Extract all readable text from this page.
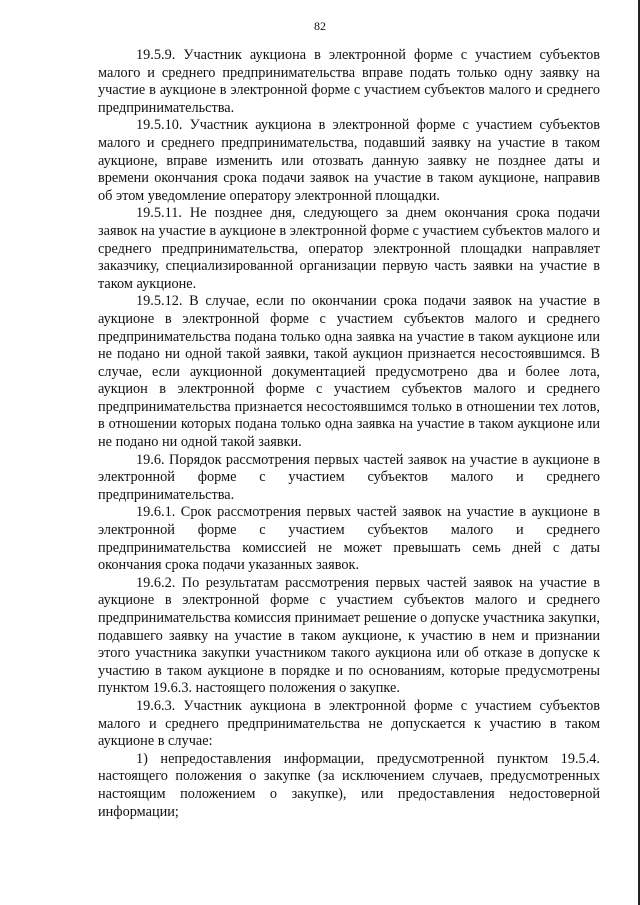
82

19.5.9. Участник аукциона в электронной форме с участием субъектов малого и среднего предпринимательства вправе подать только одну заявку на участие в аукционе в электронной форме с участием субъектов малого и среднего предпринимательства.

19.5.10. Участник аукциона в электронной форме с участием субъектов малого и среднего предпринимательства, подавший заявку на участие в таком аукционе, вправе изменить или отозвать данную заявку не позднее даты и времени окончания срока подачи заявок на участие в таком аукционе, направив об этом уведомление оператору электронной площадки.

19.5.11. Не позднее дня, следующего за днем окончания срока подачи заявок на участие в аукционе в электронной форме с участием субъектов малого и среднего предпринимательства, оператор электронной площадки направляет заказчику, специализированной организации первую часть заявки на участие в таком аукционе.

19.5.12. В случае, если по окончании срока подачи заявок на участие в аукционе в электронной форме с участием субъектов малого и среднего предпринимательства подана только одна заявка на участие в таком аукционе или не подано ни одной такой заявки, такой аукцион признается несостоявшимся. В случае, если аукционной документацией предусмотрено два и более лота, аукцион в электронной форме с участием субъектов малого и среднего предпринимательства признается несостоявшимся только в отношении тех лотов, в отношении которых подана только одна заявка на участие в таком аукционе или не подано ни одной такой заявки.

19.6. Порядок рассмотрения первых частей заявок на участие в аукционе в электронной форме с участием субъектов малого и среднего предпринимательства.

19.6.1. Срок рассмотрения первых частей заявок на участие в аукционе в электронной форме с участием субъектов малого и среднего предпринимательства комиссией не может превышать семь дней с даты окончания срока подачи указанных заявок.

19.6.2. По результатам рассмотрения первых частей заявок на участие в аукционе в электронной форме с участием субъектов малого и среднего предпринимательства комиссия принимает решение о допуске участника закупки, подавшего заявку на участие в таком аукционе, к участию в нем и признании этого участника закупки участником такого аукциона или об отказе в допуске к участию в таком аукционе в порядке и по основаниям, которые предусмотрены пунктом 19.6.3. настоящего положения о закупке.

19.6.3. Участник аукциона в электронной форме с участием субъектов малого и среднего предпринимательства не допускается к участию в таком аукционе в случае:

1) непредоставления информации, предусмотренной пунктом 19.5.4. настоящего положения о закупке (за исключением случаев, предусмотренных настоящим положением о закупке), или предоставления недостоверной информации;
